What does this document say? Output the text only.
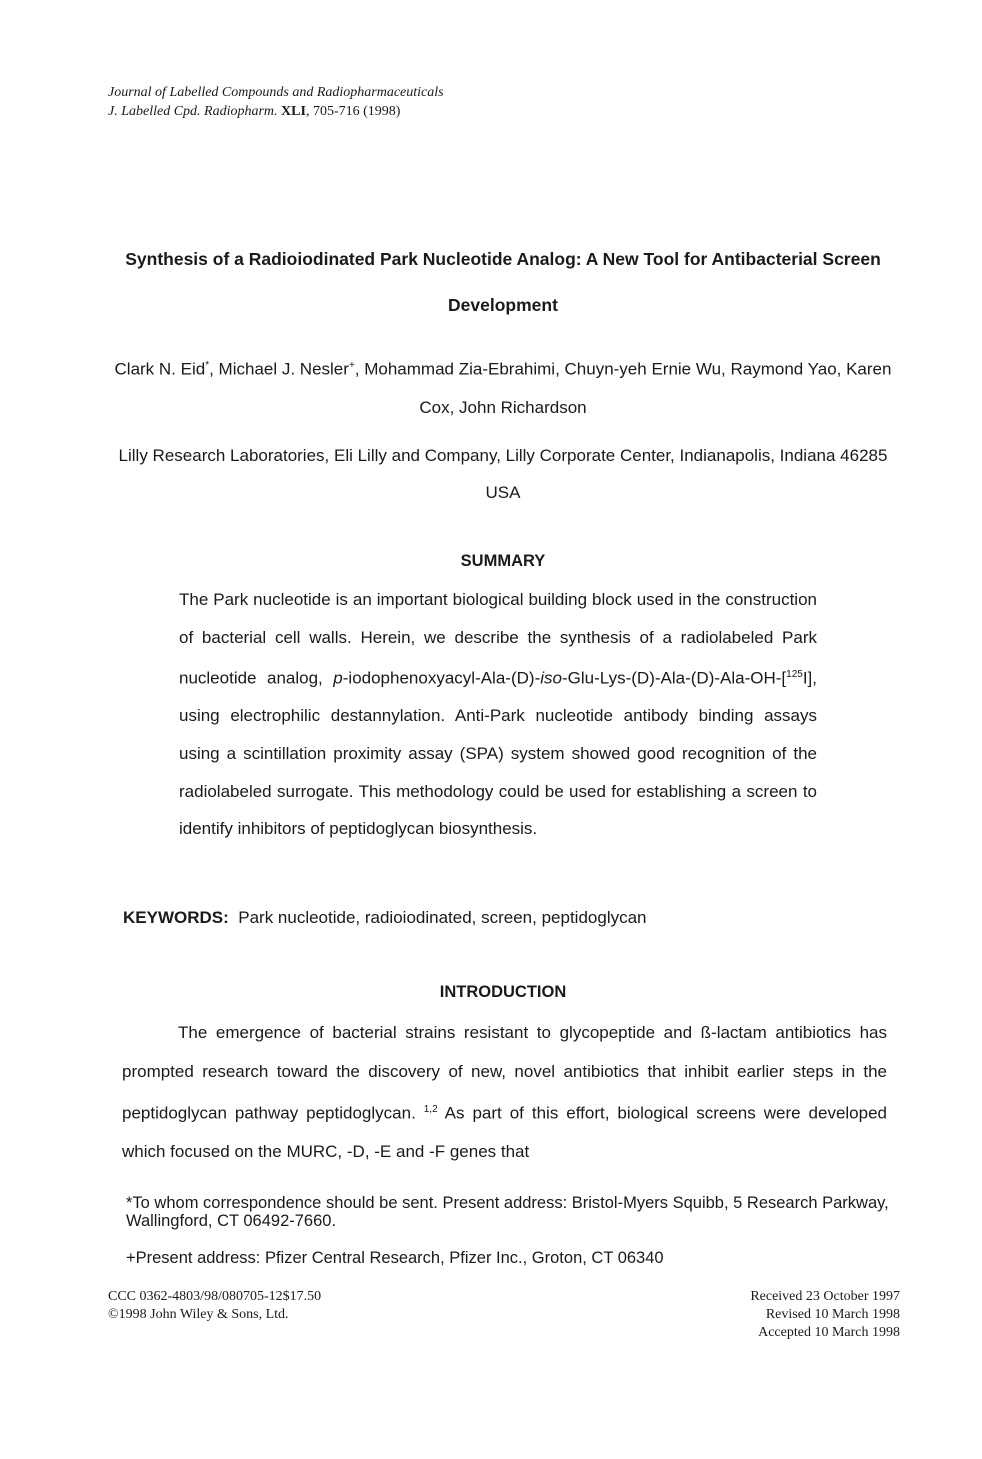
Journal of Labelled Compounds and Radiopharmaceuticals
J. Labelled Cpd. Radiopharm. XLI, 705-716 (1998)
Synthesis of a Radioiodinated Park Nucleotide Analog: A New Tool for Antibacterial Screen Development
Clark N. Eid*, Michael J. Nesler+, Mohammad Zia-Ebrahimi, Chuyn-yeh Ernie Wu, Raymond Yao, Karen Cox, John Richardson
Lilly Research Laboratories, Eli Lilly and Company, Lilly Corporate Center, Indianapolis, Indiana 46285 USA
SUMMARY
The Park nucleotide is an important biological building block used in the construction of bacterial cell walls. Herein, we describe the synthesis of a radiolabeled Park nucleotide analog, p-iodophenoxyacyl-Ala-(D)-iso-Glu-Lys-(D)-Ala-(D)-Ala-OH-[$^{125}$I], using electrophilic destannylation. Anti-Park nucleotide antibody binding assays using a scintillation proximity assay (SPA) system showed good recognition of the radiolabeled surrogate. This methodology could be used for establishing a screen to identify inhibitors of peptidoglycan biosynthesis.
KEYWORDS: Park nucleotide, radioiodinated, screen, peptidoglycan
INTRODUCTION
The emergence of bacterial strains resistant to glycopeptide and ß-lactam antibiotics has prompted research toward the discovery of new, novel antibiotics that inhibit earlier steps in the peptidoglycan pathway peptidoglycan. $^{1,2}$ As part of this effort, biological screens were developed which focused on the MURC, -D, -E and -F genes that
*To whom correspondence should be sent. Present address: Bristol-Myers Squibb, 5 Research Parkway, Wallingford, CT 06492-7660.
+Present address: Pfizer Central Research, Pfizer Inc., Groton, CT 06340
CCC 0362-4803/98/080705-12$17.50
©1998 John Wiley & Sons, Ltd.
Received 23 October 1997
Revised 10 March 1998
Accepted 10 March 1998
